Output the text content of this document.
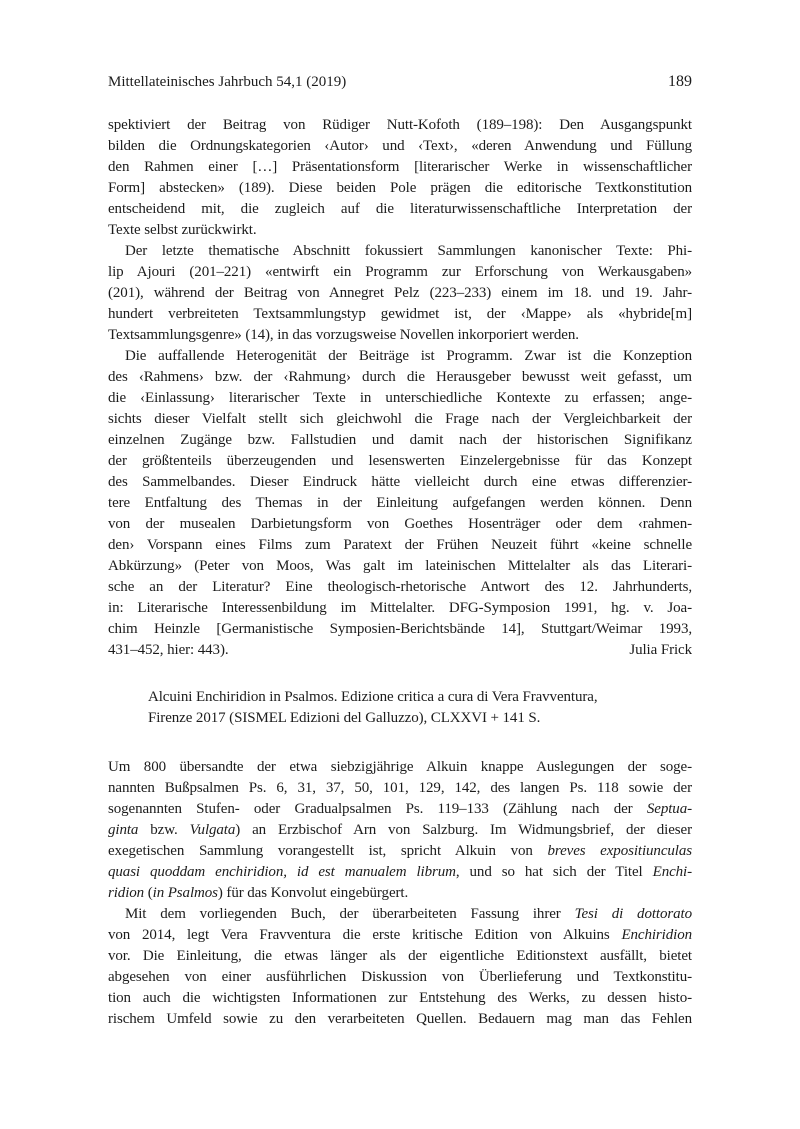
Mittellateinisches Jahrbuch 54,1 (2019)	189
spektiviert der Beitrag von Rüdiger Nutt-Kofoth (189–198): Den Ausgangspunkt
bilden die Ordnungskategorien ‹Autor› und ‹Text›, «deren Anwendung und Füllung
den Rahmen einer […] Präsentationsform [literarischer Werke in wissenschaftlicher
Form] abstecken» (189). Diese beiden Pole prägen die editorische Textkonstitution
entscheidend mit, die zugleich auf die literaturwissenschaftliche Interpretation der
Texte selbst zurückwirkt.
Der letzte thematische Abschnitt fokussiert Sammlungen kanonischer Texte: Phi-
lip Ajouri (201–221) «entwirft ein Programm zur Erforschung von Werkausgaben»
(201), während der Beitrag von Annegret Pelz (223–233) einem im 18. und 19. Jahr-
hundert verbreiteten Textsammlungstyp gewidmet ist, der ‹Mappe› als «hybride[m]
Textsammlungsgenre» (14), in das vorzugsweise Novellen inkorporiert werden.
Die auffallende Heterogenität der Beiträge ist Programm. Zwar ist die Konzeption
des ‹Rahmens› bzw. der ‹Rahmung› durch die Herausgeber bewusst weit gefasst, um
die ‹Einlassung› literarischer Texte in unterschiedliche Kontexte zu erfassen; ange-
sichts dieser Vielfalt stellt sich gleichwohl die Frage nach der Vergleichbarkeit der
einzelnen Zugänge bzw. Fallstudien und damit nach der historischen Signifikanz
der größtenteils überzeugenden und lesenswerten Einzelergebnisse für das Konzept
des Sammelbandes. Dieser Eindruck hätte vielleicht durch eine etwas differenzier-
tere Entfaltung des Themas in der Einleitung aufgefangen werden können. Denn
von der musealen Darbietungsform von Goethes Hosenträger oder dem ‹rahmen-
den› Vorspann eines Films zum Paratext der Frühen Neuzeit führt «keine schnelle
Abkürzung» (Peter von Moos, Was galt im lateinischen Mittelalter als das Literari-
sche an der Literatur? Eine theologisch-rhetorische Antwort des 12. Jahrhunderts,
in: Literarische Interessenbildung im Mittelalter. DFG-Symposion 1991, hg. v. Joa-
chim Heinzle [Germanistische Symposien-Berichtsbände 14], Stuttgart/Weimar 1993,
431–452, hier: 443).	Julia Frick
Alcuini Enchiridion in Psalmos. Edizione critica a cura di Vera Fravventura,
Firenze 2017 (SISMEL Edizioni del Galluzzo), CLXXVI + 141 S.
Um 800 übersandte der etwa siebzigjährige Alkuin knappe Auslegungen der soge-
nannten Bußpsalmen Ps. 6, 31, 37, 50, 101, 129, 142, des langen Ps. 118 sowie der
sogenannten Stufen- oder Gradualpsalmen Ps. 119–133 (Zählung nach der Septua-
ginta bzw. Vulgata) an Erzbischof Arn von Salzburg. Im Widmungsbrief, der dieser
exegetischen Sammlung vorangestellt ist, spricht Alkuin von breves expositiunculas
quasi quoddam enchiridion, id est manualem librum, und so hat sich der Titel Enchi-
ridion (in Psalmos) für das Konvolut eingebürgert.
Mit dem vorliegenden Buch, der überarbeiteten Fassung ihrer Tesi di dottorato
von 2014, legt Vera Fravventura die erste kritische Edition von Alkuins Enchiridion
vor. Die Einleitung, die etwas länger als der eigentliche Editionstext ausfällt, bietet
abgesehen von einer ausführlichen Diskussion von Überlieferung und Textkonstitu-
tion auch die wichtigsten Informationen zur Entstehung des Werks, zu dessen histo-
rischem Umfeld sowie zu den verarbeiteten Quellen. Bedauern mag man das Fehlen
